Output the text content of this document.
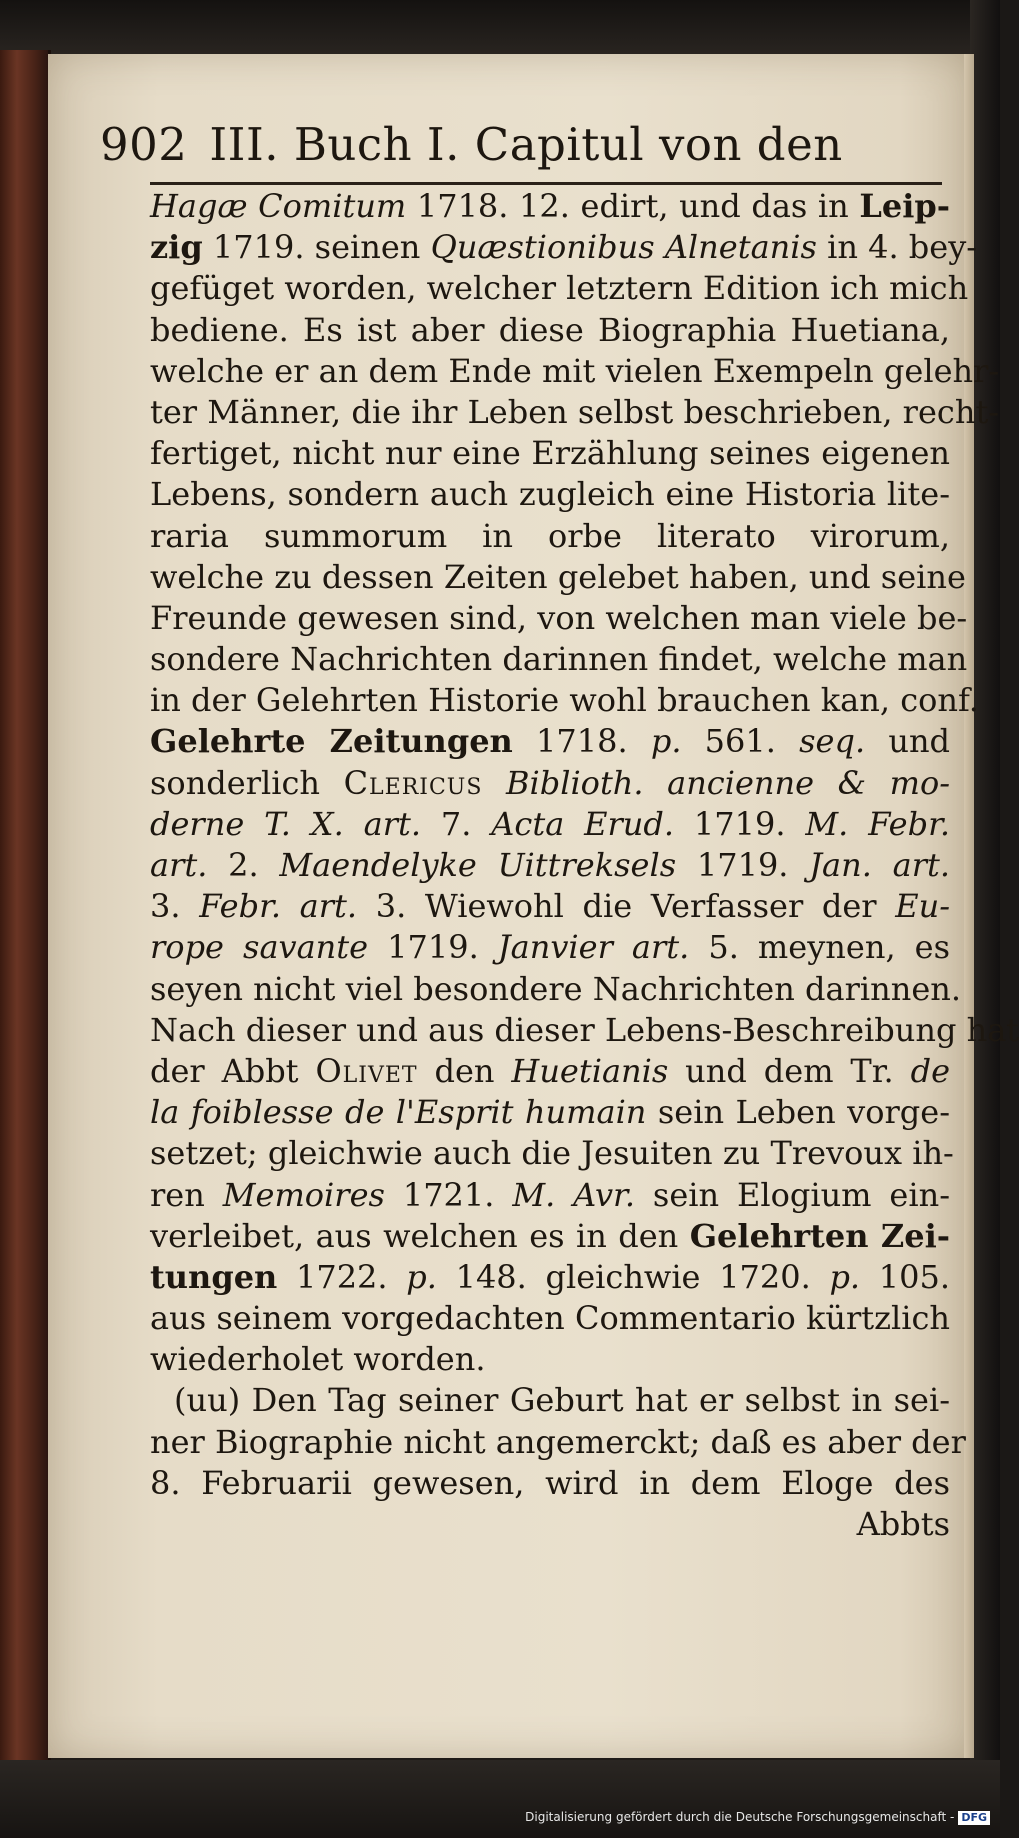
902 III. Buch I. Capitul von den
Hagæ Comitum 1718. 12. edirt, und das in Leip-
zig 1719. seinen Quæstionibus Alnetanis in 4. bey-
gefüget worden, welcher letztern Edition ich mich
bediene. Es ist aber diese Biographia Huetiana,
welche er an dem Ende mit vielen Exempeln gelehr-
ter Männer, die ihr Leben selbst beschrieben, recht-
fertiget, nicht nur eine Erzählung seines eigenen
Lebens, sondern auch zugleich eine Historia lite-
raria summorum in orbe literato virorum,
welche zu dessen Zeiten gelebet haben, und seine
Freunde gewesen sind, von welchen man viele be-
sondere Nachrichten darinnen findet, welche man
in der Gelehrten Historie wohl brauchen kan, conf.
Gelehrte Zeitungen 1718. p. 561. seq. und
sonderlich Clericus Biblioth. ancienne & mo-
derne T. X. art. 7. Acta Erud. 1719. M. Febr.
art. 2. Maendelyke Uittreksels 1719. Jan. art.
3. Febr. art. 3. Wiewohl die Verfasser der Eu-
rope savante 1719. Janvier art. 5. meynen, es
seyen nicht viel besondere Nachrichten darinnen.
Nach dieser und aus dieser Lebens-Beschreibung hat
der Abbt Olivet den Huetianis und dem Tr. de
la foiblesse de l'Esprit humain sein Leben vorge-
setzet; gleichwie auch die Jesuiten zu Trevoux ih-
ren Memoires 1721. M. Avr. sein Elogium ein-
verleibet, aus welchen es in den Gelehrten Zei-
tungen 1722. p. 148. gleichwie 1720. p. 105.
aus seinem vorgedachten Commentario kürtzlich
wiederholet worden.
(uu) Den Tag seiner Geburt hat er selbst in sei-
ner Biographie nicht angemerckt; daß es aber der
8. Februarii gewesen, wird in dem Eloge des
Abbts
Digitalisierung gefördert durch die Deutsche Forschungsgemeinschaft - DFG
